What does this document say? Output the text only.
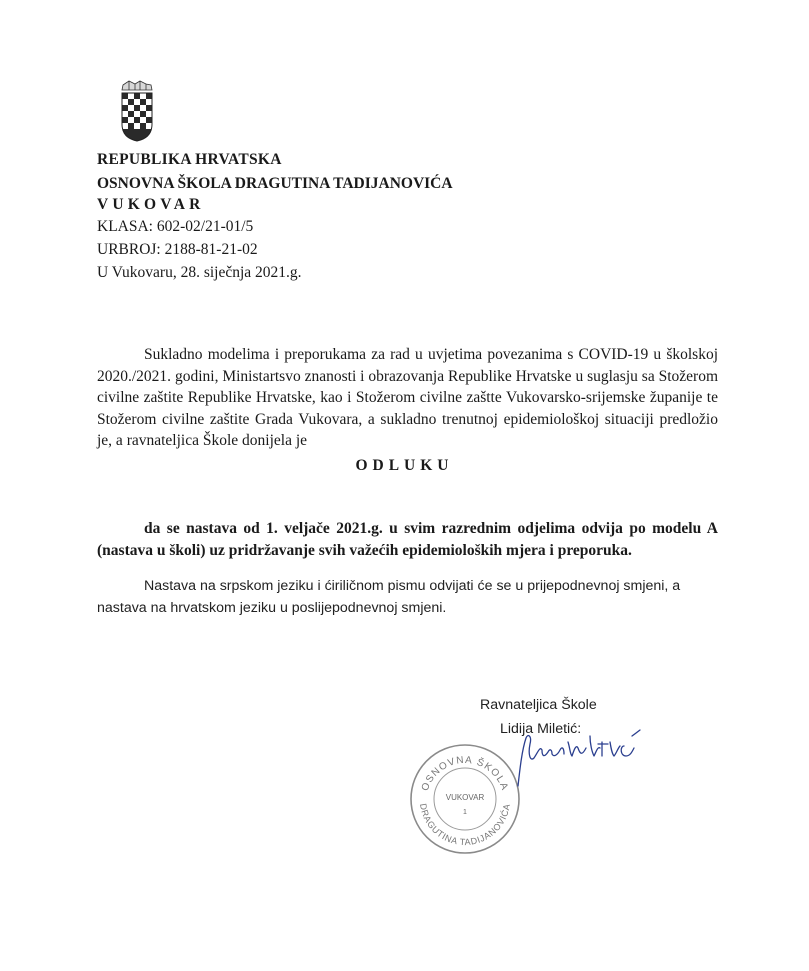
REPUBLIKA HRVATSKA
OSNOVNA ŠKOLA DRAGUTINA TADIJANOVIĆA
VUKOVAR
KLASA: 602-02/21-01/5
URBROJ: 2188-81-21-02
U Vukovaru, 28. siječnja 2021.g.
Sukladno modelima i preporukama za rad u uvjetima povezanima s COVID-19 u školskoj 2020./2021. godini, Ministartsvo znanosti i obrazovanja Republike Hrvatske u suglasju sa Stožerom civilne zaštite Republike Hrvatske, kao i Stožerom civilne zaštte Vukovarsko-srijemske županije te Stožerom civilne zaštite Grada Vukovara, a sukladno trenutnoj epidemiološkoj situaciji predložio je, a ravnateljica Škole donijela je
ODLUKU
da se nastava od 1. veljače 2021.g. u svim razrednim odjelima odvija po modelu A (nastava u školi) uz pridržavanje svih važećih epidemioloških mjera i preporuka.
Nastava na srpskom jeziku i ćiriličnom pismu odvijati će se u prijepodnevnoj smjeni, a nastava na hrvatskom jeziku u poslijepodnevnoj smjeni.
Ravnateljica Škole
Lidija Miletić:
OSNOVNA ŠKOLA
DRAGUTINA TADIJANOVIĆA
VUKOVAR
1
